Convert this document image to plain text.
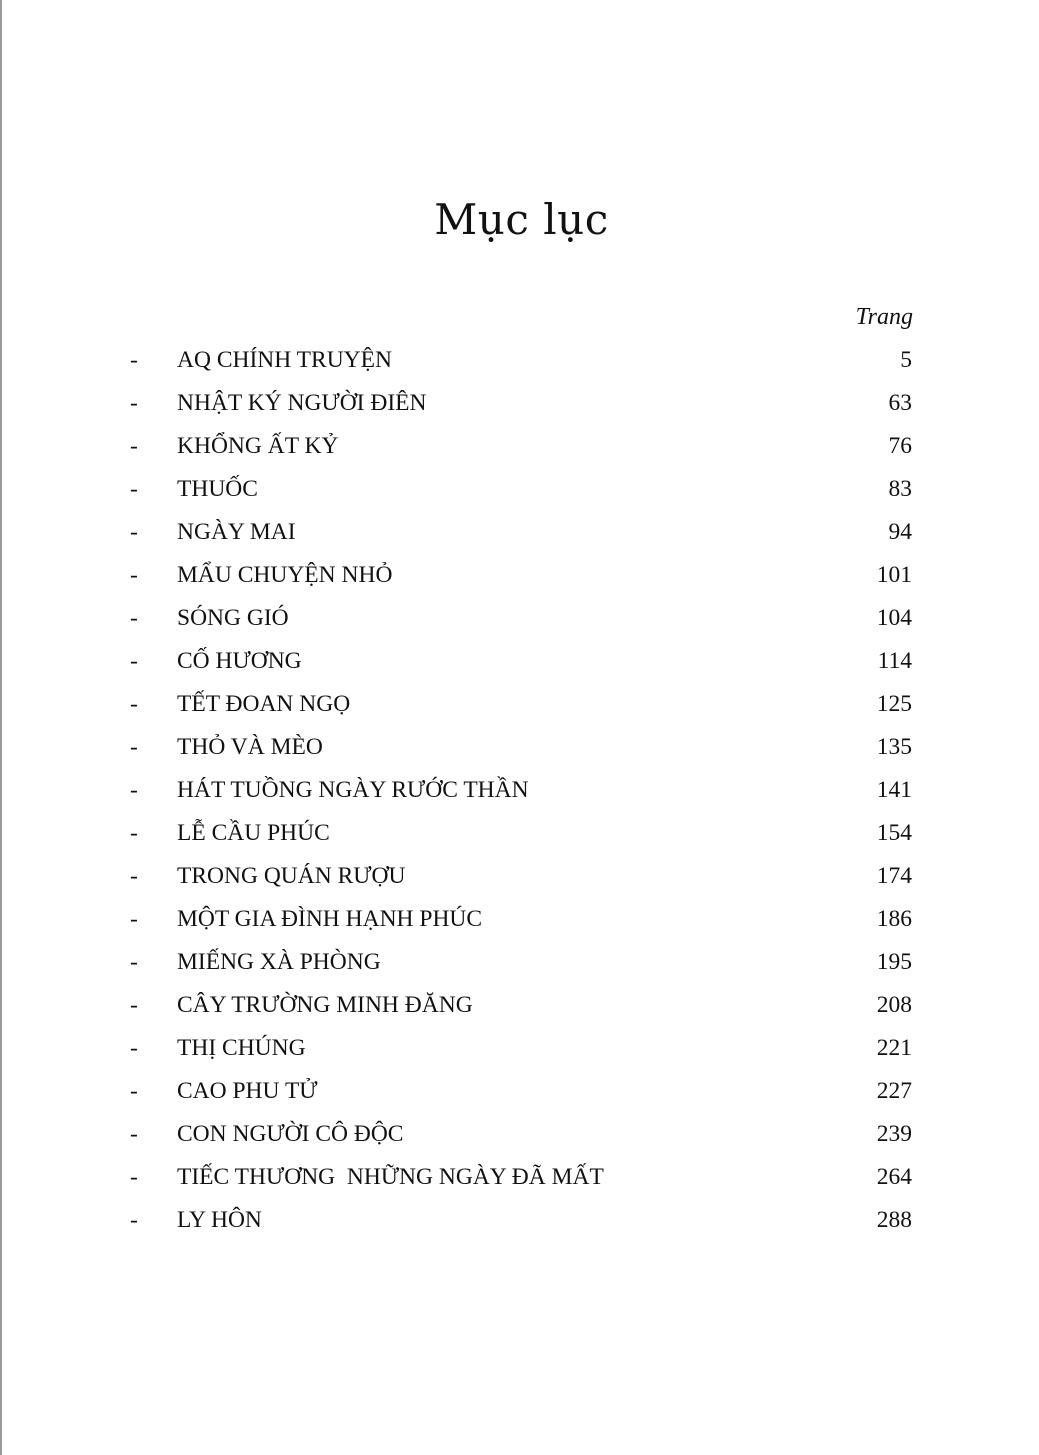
Mục lục
Trang
- AQ CHÍNH TRUYỆN	5
- NHẬT KÝ NGƯỜI ĐIÊN	63
- KHỔNG ẤT KỶ	76
- THUỐC	83
- NGÀY MAI	94
- MẨU CHUYỆN NHỎ	101
- SÓNG GIÓ	104
- CỐ HƯƠNG	114
- TẾT ĐOAN NGỌ	125
- THỎ VÀ MÈO	135
- HÁT TUỒNG NGÀY RƯỚC THẦN	141
- LỄ CẦU PHÚC	154
- TRONG QUÁN RƯỢU	174
- MỘT GIA ĐÌNH HẠNH PHÚC	186
- MIẾNG XÀ PHÒNG	195
- CÂY TRƯỜNG MINH ĐĂNG	208
- THỊ CHÚNG	221
- CAO PHU TỬ	227
- CON NGƯỜI CÔ ĐỘC	239
- TIẾC THƯƠNG  NHỮNG NGÀY ĐÃ MẤT	264
- LY HÔN	288
